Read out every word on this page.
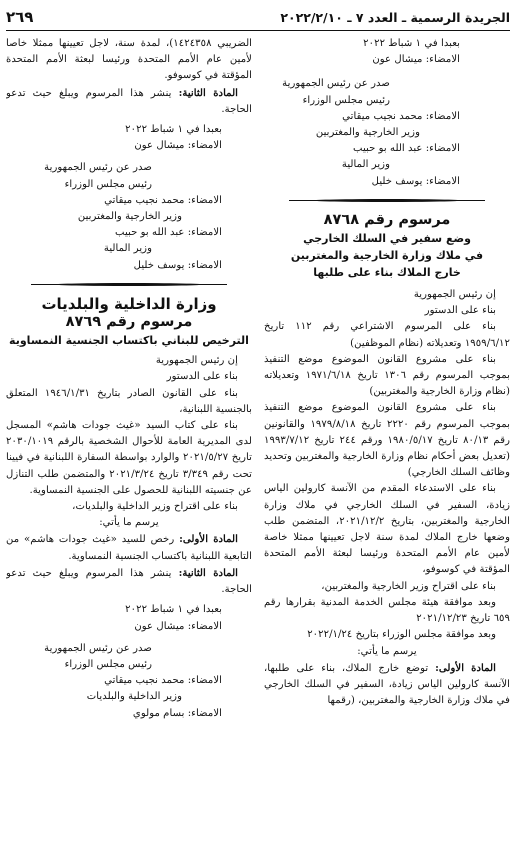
الجريدة الرسمية ـ العدد ٧ ـ ٢٠٢٢/٢/١٠
٢٦٩

بعبدا في ١ شباط ٢٠٢٢

الامضاء: ميشال عون

صدر عن رئيس الجمهورية

رئيس مجلس الوزراء

الامضاء: محمد نجيب ميقاتي

وزير الخارجية والمغتربين

الامضاء: عبد الله بو حبيب

وزير المالية

الامضاء: يوسف خليل

مرسوم رقم ٨٧٦٨
وضع سفير في السلك الخارجي
في ملاك وزارة الخارجية والمغتربين
خارج الملاك بناء على طلبها

إن رئيس الجمهورية

بناء على الدستور

بناء على المرسوم الاشتراعي رقم ١١٢ تاريخ ١٩٥٩/٦/١٢ وتعديلاته (نظام الموظفين)

بناء على مشروع القانون الموضوع موضع التنفيذ بموجب المرسوم رقم ١٣٠٦ تاريخ ١٩٧١/٦/١٨ وتعديلاته (نظام وزارة الخارجية والمغتربين)

بناء على مشروع القانون الموضوع موضع التنفيذ بموجب المرسوم رقم ٢٢٢٠ تاريخ ١٩٧٩/٨/١٨ والقانونين رقم ٨٠/١٣ تاريخ ١٩٨٠/٥/١٧ ورقم ٢٤٤ تاريخ ١٩٩٣/٧/١٢ (تعديل بعض أحكام نظام وزارة الخارجية والمغتربين وتحديد وظائف السلك الخارجي)

بناء على الاستدعاء المقدم من الآنسة كارولين الياس زيادة، السفير في السلك الخارجي في ملاك وزارة الخارجية والمغتربين، بتاريخ ٢٠٢١/١٢/٢، المتضمن طلب وضعها خارج الملاك لمدة سنة لاجل تعيينها ممثلا خاصة لأمين عام الأمم المتحدة ورئيسا لبعثة الأمم المتحدة المؤقتة في كوسوفو،

بناء على اقتراح وزير الخارجية والمغتربين،

وبعد موافقة هيئة مجلس الخدمة المدنية بقرارها رقم ٦٥٩ تاريخ ٢٠٢١/١٢/٢٣

وبعد موافقة مجلس الوزراء بتاريخ ٢٠٢٢/١/٢٤

يرسم ما يأتي:

المادة الأولى: توضع خارج الملاك، بناء على طلبها، الآنسة كارولين الياس زيادة، السفير في السلك الخارجي في ملاك وزارة الخارجية والمغتربين، (رقمها

الضريبي ١٤٢٤٣٥٨)، لمدة سنة، لاجل تعيينها ممثلا خاصا لأمين عام الأمم المتحدة ورئيسا لبعثة الأمم المتحدة المؤقتة في كوسوفو.

المادة الثانية: ينشر هذا المرسوم ويبلغ حيث تدعو الحاجة.

بعبدا في ١ شباط ٢٠٢٢

الامضاء: ميشال عون

صدر عن رئيس الجمهورية

رئيس مجلس الوزراء

الامضاء: محمد نجيب ميقاتي

وزير الخارجية والمغتربين

الامضاء: عبد الله بو حبيب

وزير المالية

الامضاء: يوسف خليل

وزارة الداخلية والبلديات
مرسوم رقم ٨٧٦٩
الترخيص للبناني باكتساب الجنسية النمساوية

إن رئيس الجمهورية

بناء على الدستور

بناء على القانون الصادر بتاريخ ١٩٤٦/١/٣١ المتعلق بالجنسية اللبنانية،

بناء على كتاب السيد «غيث جودات هاشم» المسجل لدى المديرية العامة للأحوال الشخصية بالرقم ٢٠٣٠/١٠١٩ تاريخ ٢٠٢١/٥/٢٧ والوارد بواسطة السفارة اللبنانية في فيينا تحت رقم ٣/٣٤٩ تاريخ ٢٠٢١/٣/٢٤ والمتضمن طلب التنازل عن جنسيته اللبنانية للحصول على الجنسية النمساوية.

بناء على اقتراح وزير الداخلية والبلديات،

يرسم ما يأتي:

المادة الأولى: رخص للسيد «غيث جودات هاشم» من التابعية اللبنانية باكتساب الجنسية النمساوية.

المادة الثانية: ينشر هذا المرسوم ويبلغ حيث تدعو الحاجة.

بعبدا في ١ شباط ٢٠٢٢

الامضاء: ميشال عون

صدر عن رئيس الجمهورية

رئيس مجلس الوزراء

الامضاء: محمد نجيب ميقاتي

وزير الداخلية والبلديات

الامضاء: بسام مولوي
